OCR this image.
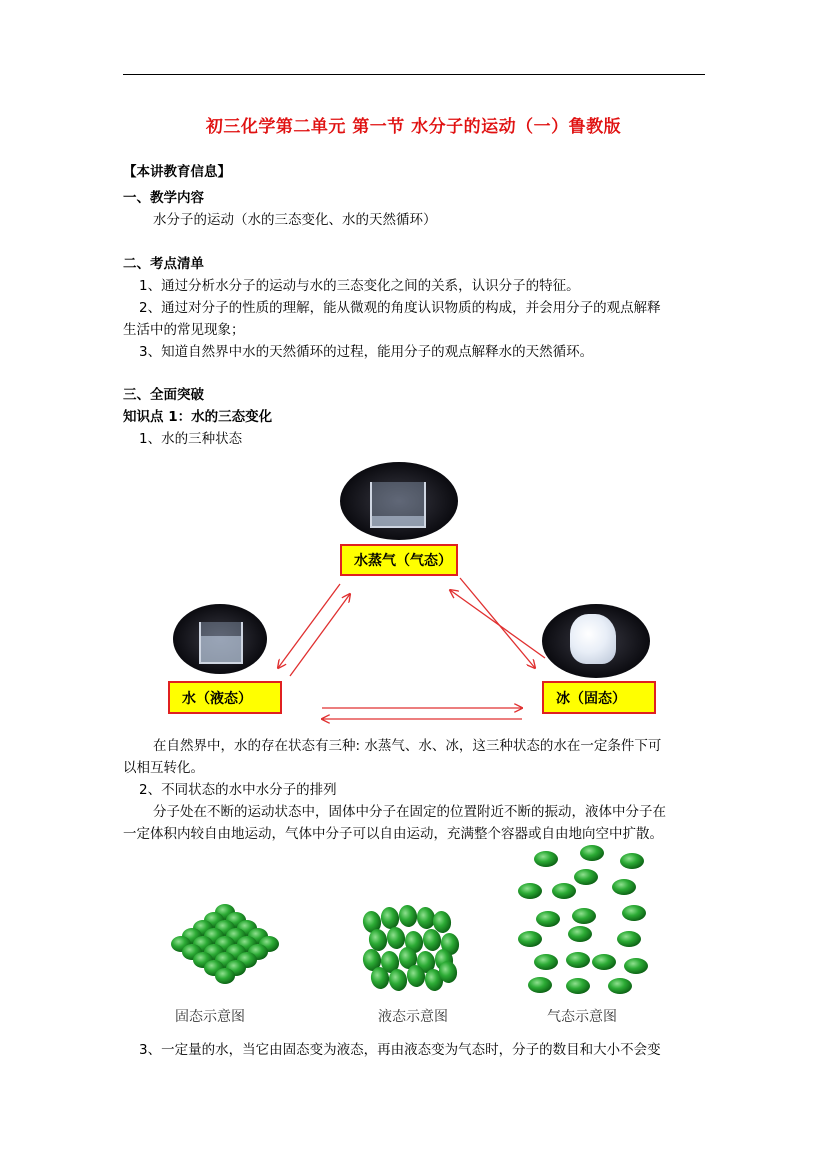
初三化学第二单元 第一节 水分子的运动（一）鲁教版
【本讲教育信息】
一、教学内容
水分子的运动（水的三态变化、水的天然循环）
二、考点清单
1、通过分析水分子的运动与水的三态变化之间的关系，认识分子的特征。
2、通过对分子的性质的理解，能从微观的角度认识物质的构成，并会用分子的观点解释
生活中的常见现象；
3、知道自然界中水的天然循环的过程，能用分子的观点解释水的天然循环。
三、全面突破
知识点 1：水的三态变化
1、水的三种状态
水蒸气（气态）
水（液态）	冰（固态）
在自然界中，水的存在状态有三种: 水蒸气、水、冰，这三种状态的水在一定条件下可
以相互转化。
2、不同状态的水中水分子的排列
分子处在不断的运动状态中，固体中分子在固定的位置附近不断的振动，液体中分子在
一定体积内较自由地运动，气体中分子可以自由运动，充满整个容器或自由地向空中扩散。
固态示意图	液态示意图	气态示意图
3、一定量的水，当它由固态变为液态，再由液态变为气态时，分子的数目和大小不会变
